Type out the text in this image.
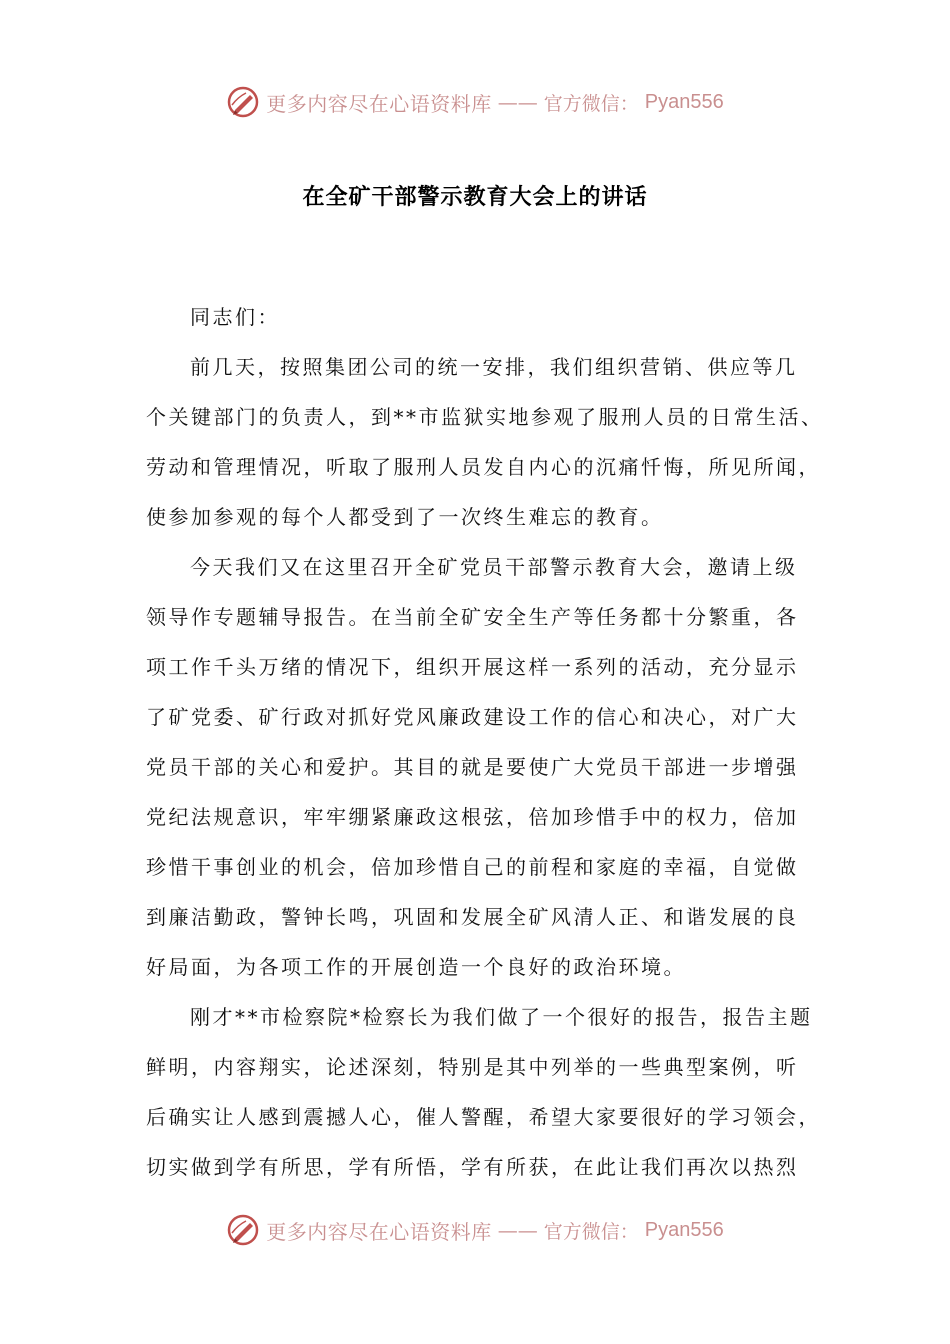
更多内容尽在心语资料库 —— 官方微信： Pyan556
在全矿干部警示教育大会上的讲话
同志们：
前几天，按照集团公司的统一安排，我们组织营销、供应等几
个关键部门的负责人，到**市监狱实地参观了服刑人员的日常生活、
劳动和管理情况，听取了服刑人员发自内心的沉痛忏悔，所见所闻，
使参加参观的每个人都受到了一次终生难忘的教育。
今天我们又在这里召开全矿党员干部警示教育大会，邀请上级
领导作专题辅导报告。在当前全矿安全生产等任务都十分繁重，各
项工作千头万绪的情况下，组织开展这样一系列的活动，充分显示
了矿党委、矿行政对抓好党风廉政建设工作的信心和决心，对广大
党员干部的关心和爱护。其目的就是要使广大党员干部进一步增强
党纪法规意识，牢牢绷紧廉政这根弦，倍加珍惜手中的权力，倍加
珍惜干事创业的机会，倍加珍惜自己的前程和家庭的幸福，自觉做
到廉洁勤政，警钟长鸣，巩固和发展全矿风清人正、和谐发展的良
好局面，为各项工作的开展创造一个良好的政治环境。
刚才**市检察院*检察长为我们做了一个很好的报告，报告主题
鲜明，内容翔实，论述深刻，特别是其中列举的一些典型案例，听
后确实让人感到震撼人心，催人警醒，希望大家要很好的学习领会，
切实做到学有所思，学有所悟，学有所获，在此让我们再次以热烈
更多内容尽在心语资料库 —— 官方微信： Pyan556
